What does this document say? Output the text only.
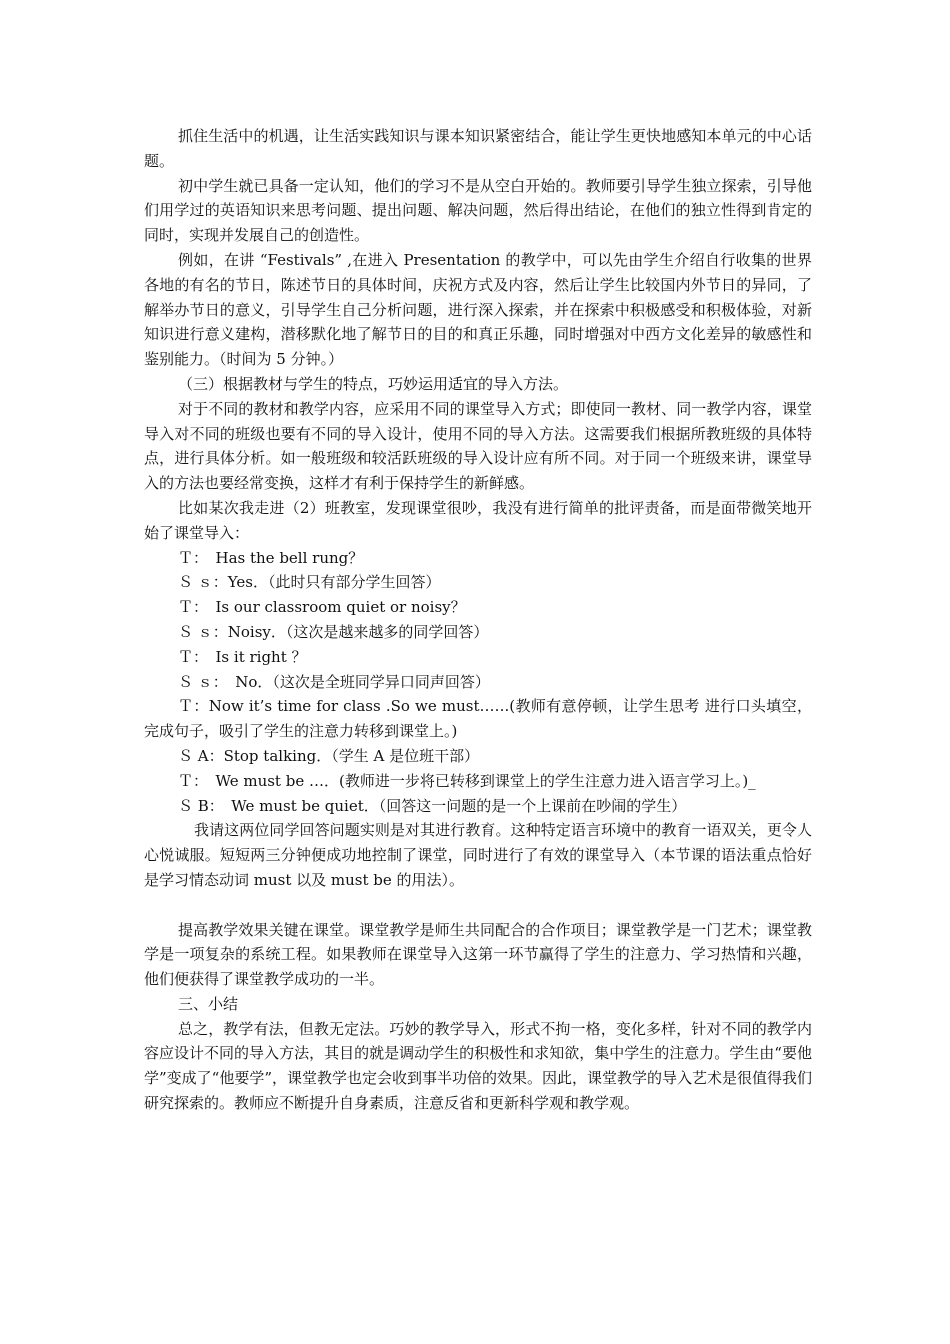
抓住生活中的机遇，让生活实践知识与课本知识紧密结合，能让学生更快地感知本单元的中心话题。

初中学生就已具备一定认知，他们的学习不是从空白开始的。教师要引导学生独立探索，引导他们用学过的英语知识来思考问题、提出问题、解决问题，然后得出结论，在他们的独立性得到肯定的同时，实现并发展自己的创造性。

例如，在讲 “Festivals” ,在进入 Presentation 的教学中，可以先由学生介绍自行收集的世界各地的有名的节日，陈述节日的具体时间，庆祝方式及内容，然后让学生比较国内外节日的异同，了解举办节日的意义，引导学生自己分析问题，进行深入探索，并在探索中积极感受和积极体验，对新知识进行意义建构，潜移默化地了解节日的目的和真正乐趣，同时增强对中西方文化差异的敏感性和鉴别能力。（时间为 5 分钟。）

（三）根据教材与学生的特点，巧妙运用适宜的导入方法。

对于不同的教材和教学内容，应采用不同的课堂导入方式；即使同一教材、同一教学内容，课堂导入对不同的班级也要有不同的导入设计，使用不同的导入方法。这需要我们根据所教班级的具体特点，进行具体分析。如一般班级和较活跃班级的导入设计应有所不同。对于同一个班级来讲，课堂导入的方法也要经常变换，这样才有利于保持学生的新鲜感。

比如某次我走进（2）班教室，发现课堂很吵，我没有进行简单的批评责备，而是面带微笑地开始了课堂导入：

Ｔ：　Has the bell rung？

Ｓ ｓ：Yes．（此时只有部分学生回答）

Ｔ：　Is our classroom quiet or noisy？

Ｓ ｓ：Noisy．（这次是越来越多的同学回答）

Ｔ：　Is it right ？

Ｓ ｓ：　No．（这次是全班同学异口同声回答）

Ｔ：Now it’s time for class .So we must…‥.(教师有意停顿，让学生思考 进行口头填空，完成句子，吸引了学生的注意力转移到课堂上。)

Ｓ A：Stop talking．（学生 A 是位班干部）

Ｔ：　We must be …．(教师进一步将已转移到课堂上的学生注意力进入语言学习上。)_

Ｓ B：　We must be quiet．（回答这一问题的是一个上课前在吵闹的学生）

我请这两位同学回答问题实则是对其进行教育。这种特定语言环境中的教育一语双关，更令人心悦诚服。短短两三分钟便成功地控制了课堂，同时进行了有效的课堂导入（本节课的语法重点恰好是学习情态动词 must 以及 must be 的用法）。

提高教学效果关键在课堂。课堂教学是师生共同配合的合作项目；课堂教学是一门艺术；课堂教学是一项复杂的系统工程。如果教师在课堂导入这第一环节赢得了学生的注意力、学习热情和兴趣，他们便获得了课堂教学成功的一半。

三、小结

总之，教学有法，但教无定法。巧妙的教学导入，形式不拘一格，变化多样，针对不同的教学内容应设计不同的导入方法，其目的就是调动学生的积极性和求知欲，集中学生的注意力。学生由“要他学”变成了“他要学”，课堂教学也定会收到事半功倍的效果。因此，课堂教学的导入艺术是很值得我们研究探索的。教师应不断提升自身素质，注意反省和更新科学观和教学观。
